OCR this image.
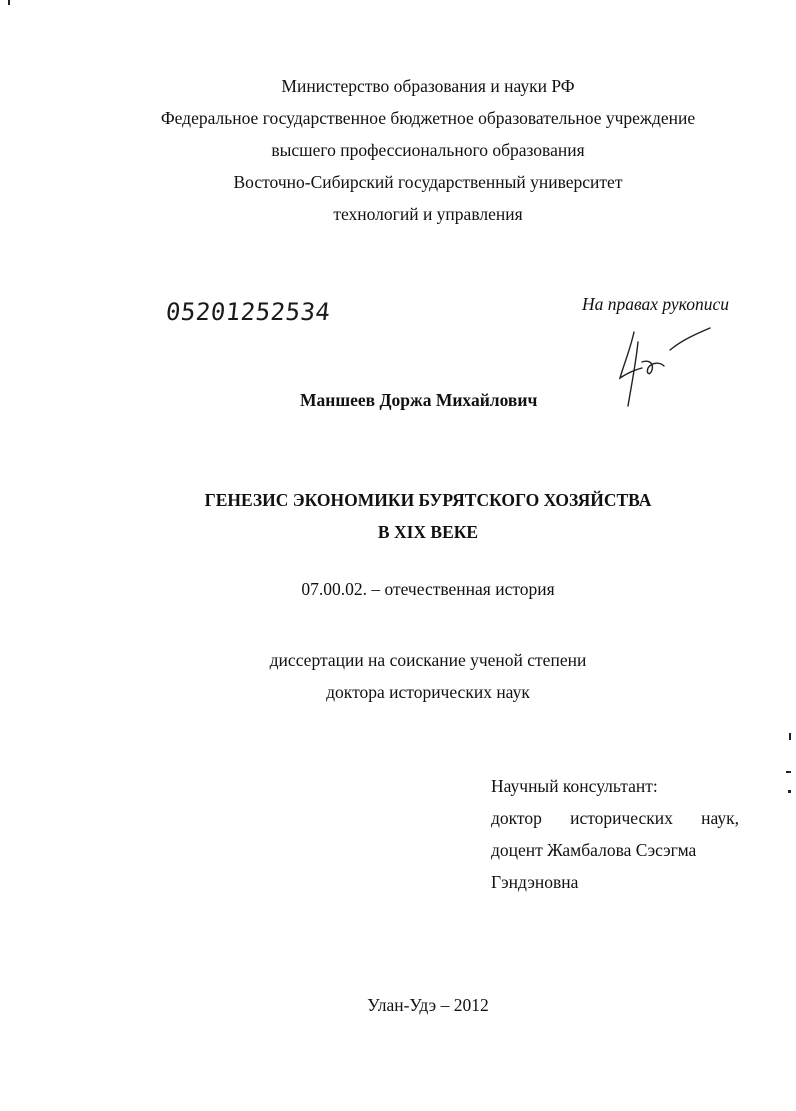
Министерство образования и науки РФ
Федеральное государственное бюджетное образовательное учреждение
высшего профессионального образования
Восточно-Сибирский государственный университет
технологий и управления
05201252534	На правах рукописи
Маншеев Доржа Михайлович
ГЕНЕЗИС ЭКОНОМИКИ БУРЯТСКОГО ХОЗЯЙСТВА
В XIX ВЕКЕ
07.00.02. – отечественная история
диссертации на соискание ученой степени
доктора исторических наук
Научный консультант:
доктор исторических наук,
доцент Жамбалова Сэсэгма
Гэндэновна
Улан-Удэ – 2012
